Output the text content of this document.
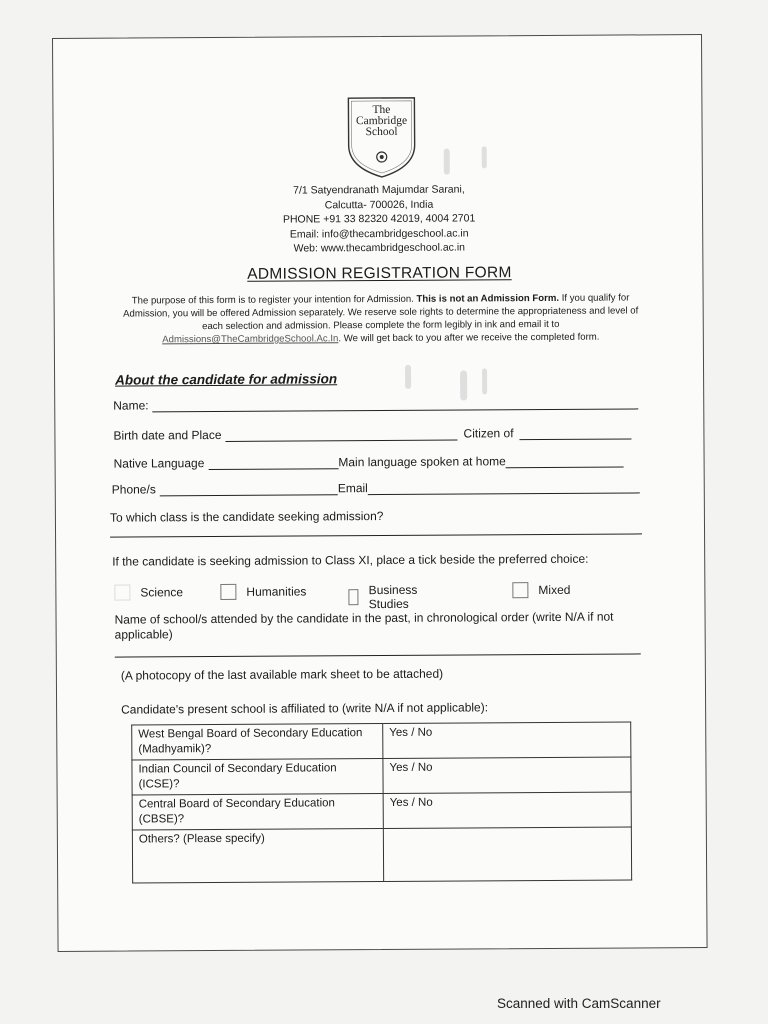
The
Cambridge
School
7/1 Satyendranath Majumdar Sarani,
Calcutta- 700026, India
PHONE +91 33 82320 42019, 4004 2701
Email: info@thecambridgeschool.ac.in
Web: www.thecambridgeschool.ac.in
ADMISSION REGISTRATION FORM
The purpose of this form is to register your intention for Admission. This is not an Admission Form. If you qualify for Admission, you will be offered Admission separately. We reserve sole rights to determine the appropriateness and level of each selection and admission. Please complete the form legibly in ink and email it to Admissions@TheCambridgeSchool.Ac.In. We will get back to you after we receive the completed form.
About the candidate for admission
Name:
Birth date and Place	Citizen of
Native Language	Main language spoken at home
Phone/s	Email
To which class is the candidate seeking admission?
If the candidate is seeking admission to Class XI, place a tick beside the preferred choice:
Science	Humanities	Business Studies
Mixed
Name of school/s attended by the candidate in the past, in chronological order (write N/A if not applicable)
(A photocopy of the last available mark sheet to be attached)
Candidate's present school is affiliated to (write N/A if not applicable):
West Bengal Board of Secondary Education (Madhyamik)?	Yes / No
Indian Council of Secondary Education (ICSE)?	Yes / No
Central Board of Secondary Education (CBSE)?	Yes / No
Others? (Please specify)	
Scanned with CamScanner
